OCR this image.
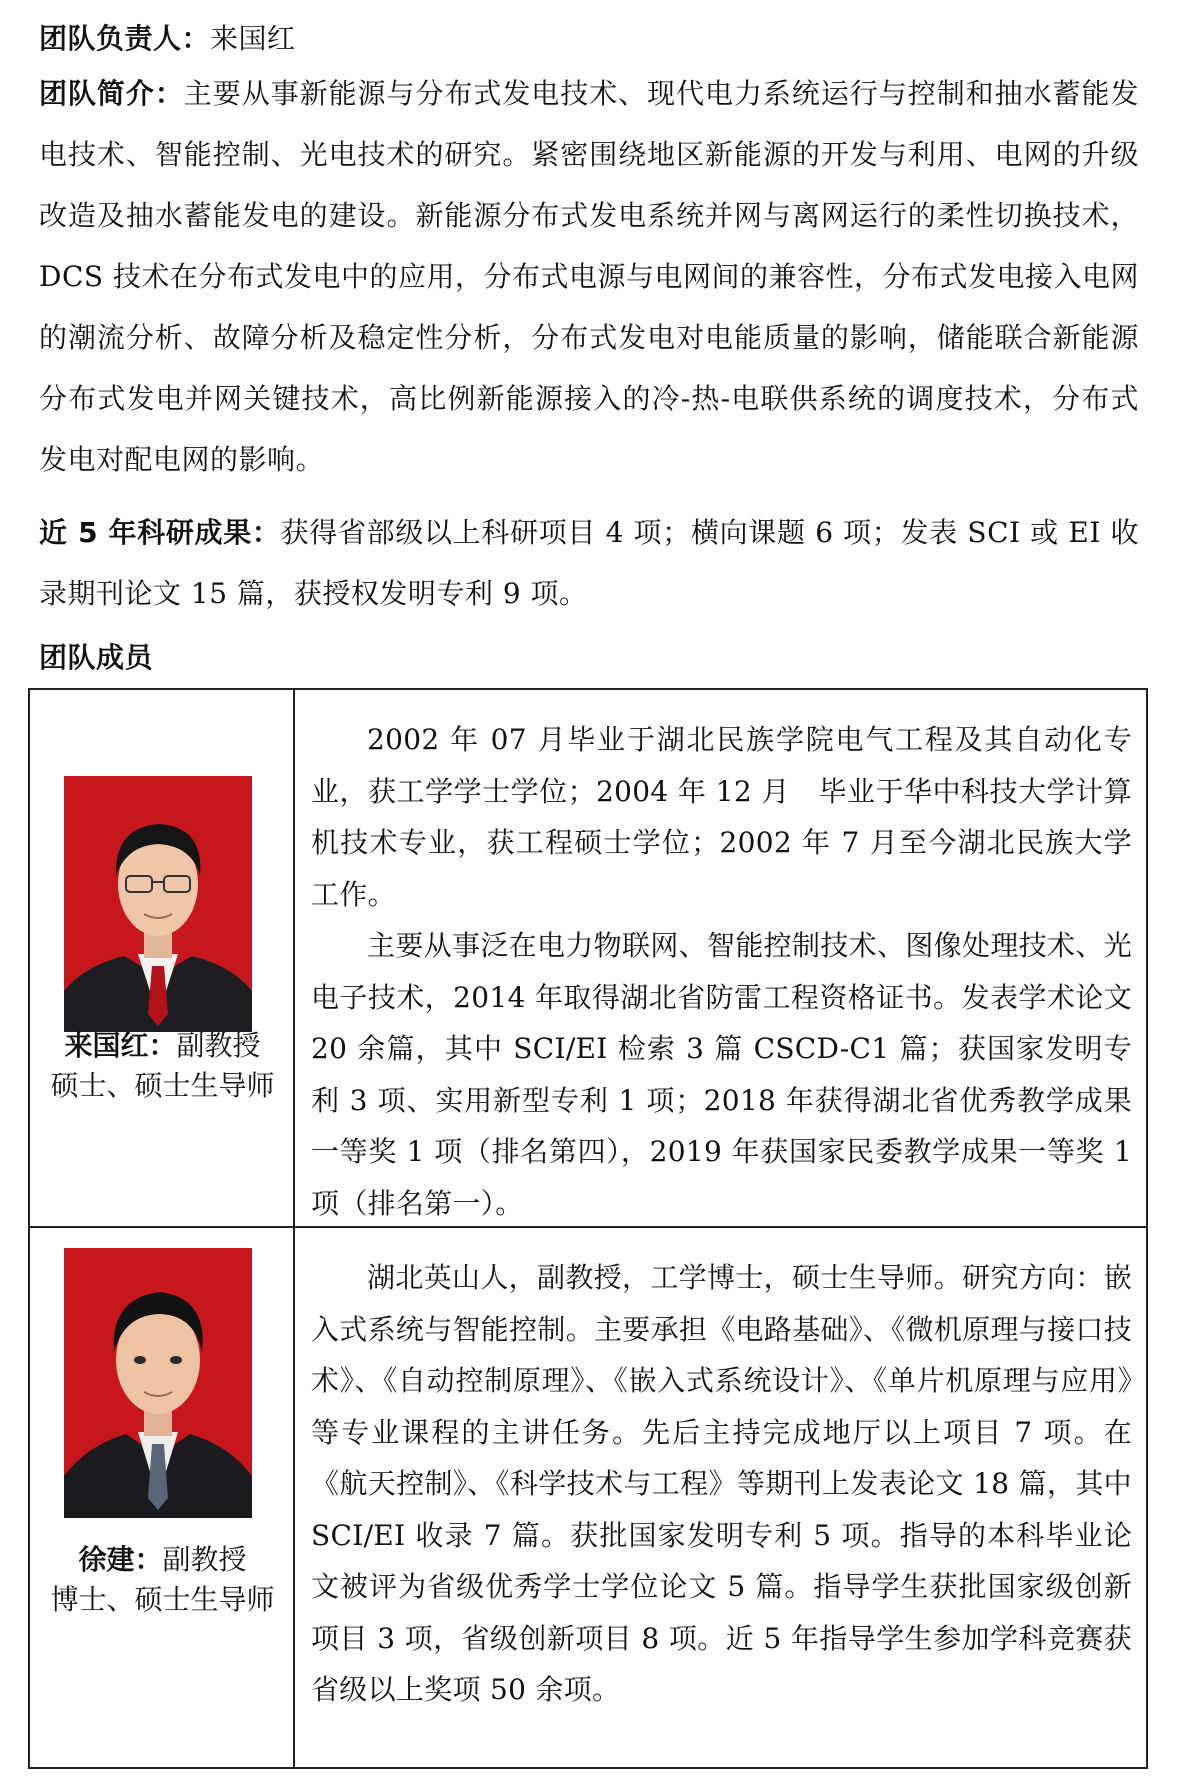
团队负责人：来国红

团队简介：主要从事新能源与分布式发电技术、现代电力系统运行与控制和抽水蓄能发电技术、智能控制、光电技术的研究。紧密围绕地区新能源的开发与利用、电网的升级改造及抽水蓄能发电的建设。新能源分布式发电系统并网与离网运行的柔性切换技术，DCS 技术在分布式发电中的应用，分布式电源与电网间的兼容性，分布式发电接入电网的潮流分析、故障分析及稳定性分析，分布式发电对电能质量的影响，储能联合新能源分布式发电并网关键技术，高比例新能源接入的冷-热-电联供系统的调度技术，分布式发电对配电网的影响。

近 5 年科研成果：获得省部级以上科研项目 4 项；横向课题 6 项；发表 SCI 或 EI 收录期刊论文 15 篇，获授权发明专利 9 项。

团队成员

来国红：副教授
硕士、硕士生导师

2002 年 07 月毕业于湖北民族学院电气工程及其自动化专业，获工学学士学位；2004 年 12 月　毕业于华中科技大学计算机技术专业，获工程硕士学位；2002 年 7 月至今湖北民族大学工作。

主要从事泛在电力物联网、智能控制技术、图像处理技术、光电子技术，2014 年取得湖北省防雷工程资格证书。发表学术论文 20 余篇，其中 SCI/EI 检索 3 篇 CSCD-C1 篇；获国家发明专利 3 项、实用新型专利 1 项；2018 年获得湖北省优秀教学成果一等奖 1 项（排名第四），2019 年获国家民委教学成果一等奖 1 项（排名第一）。

徐建：副教授
博士、硕士生导师

湖北英山人，副教授，工学博士，硕士生导师。研究方向：嵌入式系统与智能控制。主要承担《电路基础》、《微机原理与接口技术》、《自动控制原理》、《嵌入式系统设计》、《单片机原理与应用》等专业课程的主讲任务。先后主持完成地厅以上项目 7 项。在 《航天控制》、《科学技术与工程》等期刊上发表论文 18 篇，其中 SCI/EI 收录 7 篇。获批国家发明专利 5 项。指导的本科毕业论文被评为省级优秀学士学位论文 5 篇。指导学生获批国家级创新项目 3 项，省级创新项目 8 项。近 5 年指导学生参加学科竞赛获省级以上奖项 50 余项。
